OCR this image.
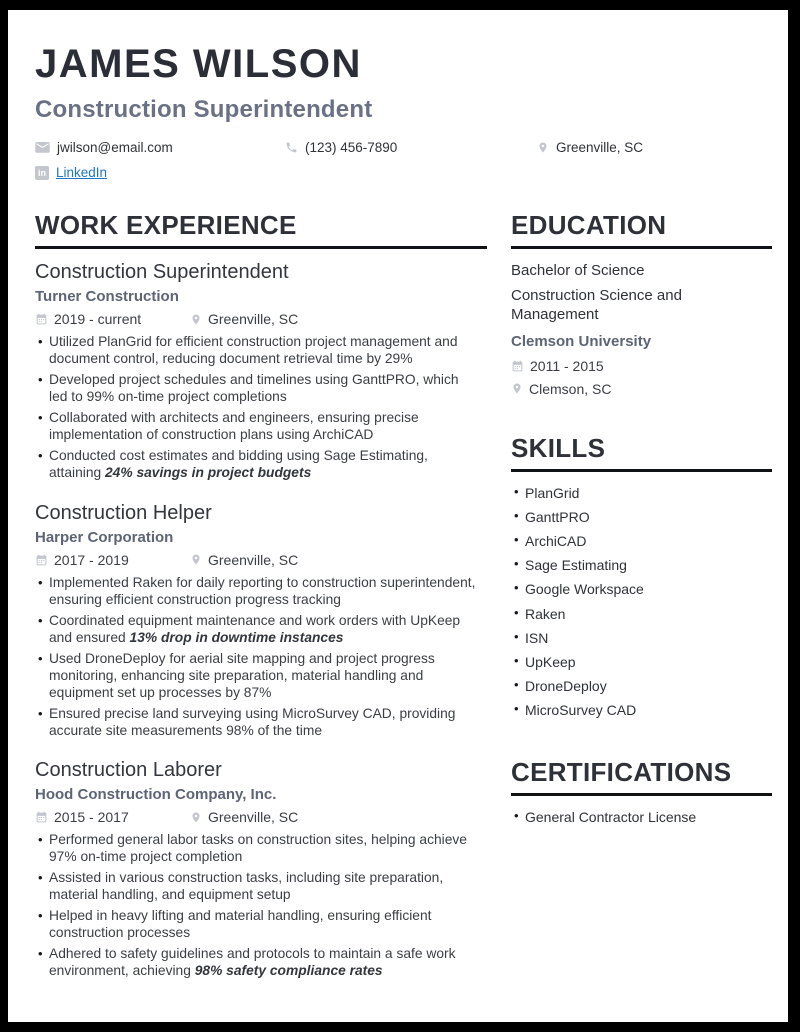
JAMES WILSON
Construction Superintendent
jwilson@email.com	(123) 456-7890	Greenville, SC
in LinkedIn
WORK EXPERIENCE
Construction Superintendent
Turner Construction
2019 - current	Greenville, SC
• Utilized PlanGrid for efficient construction project management and document control, reducing document retrieval time by 29%
• Developed project schedules and timelines using GanttPRO, which led to 99% on-time project completions
• Collaborated with architects and engineers, ensuring precise implementation of construction plans using ArchiCAD
• Conducted cost estimates and bidding using Sage Estimating, attaining 24% savings in project budgets
Construction Helper
Harper Corporation
2017 - 2019	Greenville, SC
• Implemented Raken for daily reporting to construction superintendent, ensuring efficient construction progress tracking
• Coordinated equipment maintenance and work orders with UpKeep and ensured 13% drop in downtime instances
• Used DroneDeploy for aerial site mapping and project progress monitoring, enhancing site preparation, material handling and equipment set up processes by 87%
• Ensured precise land surveying using MicroSurvey CAD, providing accurate site measurements 98% of the time
Construction Laborer
Hood Construction Company, Inc.
2015 - 2017	Greenville, SC
• Performed general labor tasks on construction sites, helping achieve 97% on-time project completion
• Assisted in various construction tasks, including site preparation, material handling, and equipment setup
• Helped in heavy lifting and material handling, ensuring efficient construction processes
• Adhered to safety guidelines and protocols to maintain a safe work environment, achieving 98% safety compliance rates
EDUCATION
Bachelor of Science
Construction Science and Management
Clemson University
2011 - 2015
Clemson, SC
SKILLS
• PlanGrid
• GanttPRO
• ArchiCAD
• Sage Estimating
• Google Workspace
• Raken
• ISN
• UpKeep
• DroneDeploy
• MicroSurvey CAD
CERTIFICATIONS
• General Contractor License
